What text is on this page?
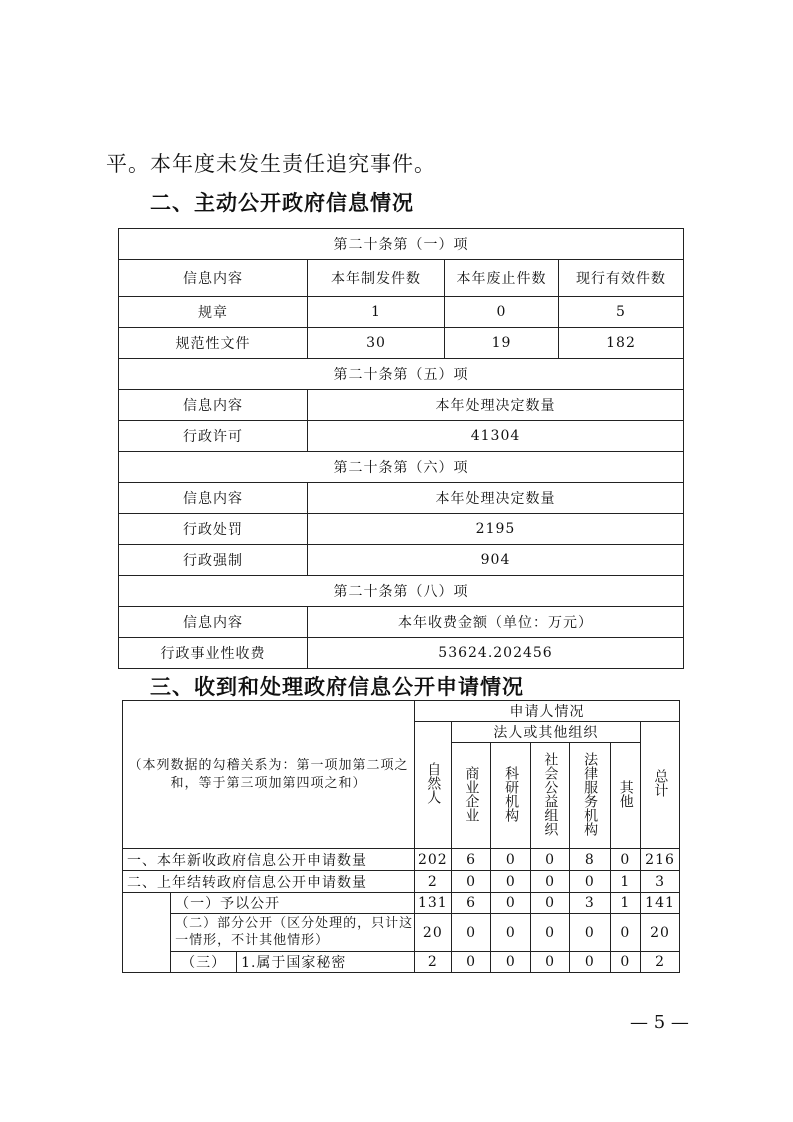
平。本年度未发生责任追究事件。
二、主动公开政府信息情况
第二十条第（一）项			
信息内容	本年制发件数	本年废止件数	现行有效件数
规章	1	0	5
规范性文件	30	19	182
第二十条第（五）项			
信息内容	本年处理决定数量		
行政许可	41304		
第二十条第（六）项			
信息内容	本年处理决定数量		
行政处罚	2195		
行政强制	904		
第二十条第（八）项			
信息内容	本年收费金额（单位：万元）		
行政事业性收费	53624.202456		
三、收到和处理政府信息公开申请情况
（本列数据的勾稽关系为：第一项加第二项之和，等于第三项加第四项之和）			申请人情况						
			自然人	法人或其他组织					总计
				商业企业	科研机构	社会公益组织	法律服务机构	其他	
一、本年新收政府信息公开申请数量			202	6	0	0	8	0	216
二、上年结转政府信息公开申请数量			2	0	0	0	0	1	3
	（一）予以公开		131	6	0	0	3	1	141
	（二）部分公开（区分处理的，只计这一情形，不计其他情形）		20	0	0	0	0	0	20
	（三）	1.属于国家秘密	2	0	0	0	0	0	2
— 5 —
